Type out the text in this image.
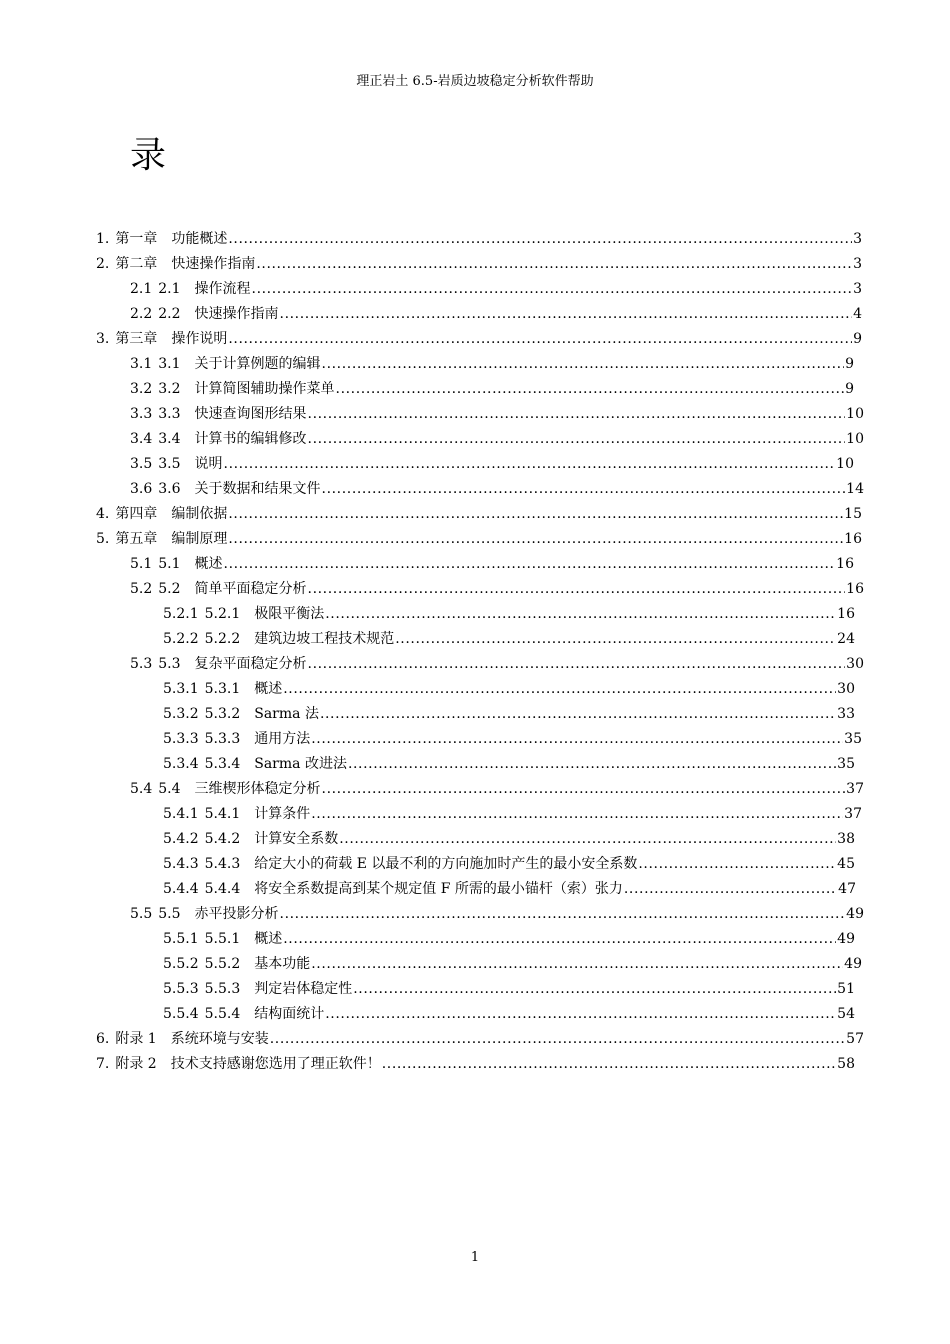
理正岩土 6.5-岩质边坡稳定分析软件帮助
录
1. 第一章　功能概述 .....	3
2. 第二章　快速操作指南 .....	3
2.1 2.1　操作流程 .....	3
2.2 2.2　快速操作指南 .....	4
3. 第三章　操作说明 .....	9
3.1 3.1　关于计算例题的编辑 .....	9
3.2 3.2　计算简图辅助操作菜单 .....	9
3.3 3.3　快速查询图形结果 .....	10
3.4 3.4　计算书的编辑修改 .....	10
3.5 3.5　说明 .....	10
3.6 3.6　关于数据和结果文件 .....	14
4. 第四章　编制依据 .....	15
5. 第五章　编制原理 .....	16
5.1 5.1　概述 .....	16
5.2 5.2　简单平面稳定分析 .....	16
5.2.1 5.2.1　极限平衡法 .....	16
5.2.2 5.2.2　建筑边坡工程技术规范 .....	24
5.3 5.3　复杂平面稳定分析 .....	30
5.3.1 5.3.1　概述 .....	30
5.3.2 5.3.2　Sarma 法 .....	33
5.3.3 5.3.3　通用方法 .....	35
5.3.4 5.3.4　Sarma 改进法 .....	35
5.4 5.4　三维楔形体稳定分析 .....	37
5.4.1 5.4.1　计算条件 .....	37
5.4.2 5.4.2　计算安全系数 .....	38
5.4.3 5.4.3　给定大小的荷载 E 以最不利的方向施加时产生的最小安全系数 .....	45
5.4.4 5.4.4　将安全系数提高到某个规定值 F 所需的最小锚杆（索）张力 .....	47
5.5 5.5　赤平投影分析 .....	49
5.5.1 5.5.1　概述 .....	49
5.5.2 5.5.2　基本功能 .....	49
5.5.3 5.5.3　判定岩体稳定性 .....	51
5.5.4 5.5.4　结构面统计 .....	54
6. 附录 1　系统环境与安装 .....	57
7. 附录 2　技术支持感谢您选用了理正软件！ .....	58
1
